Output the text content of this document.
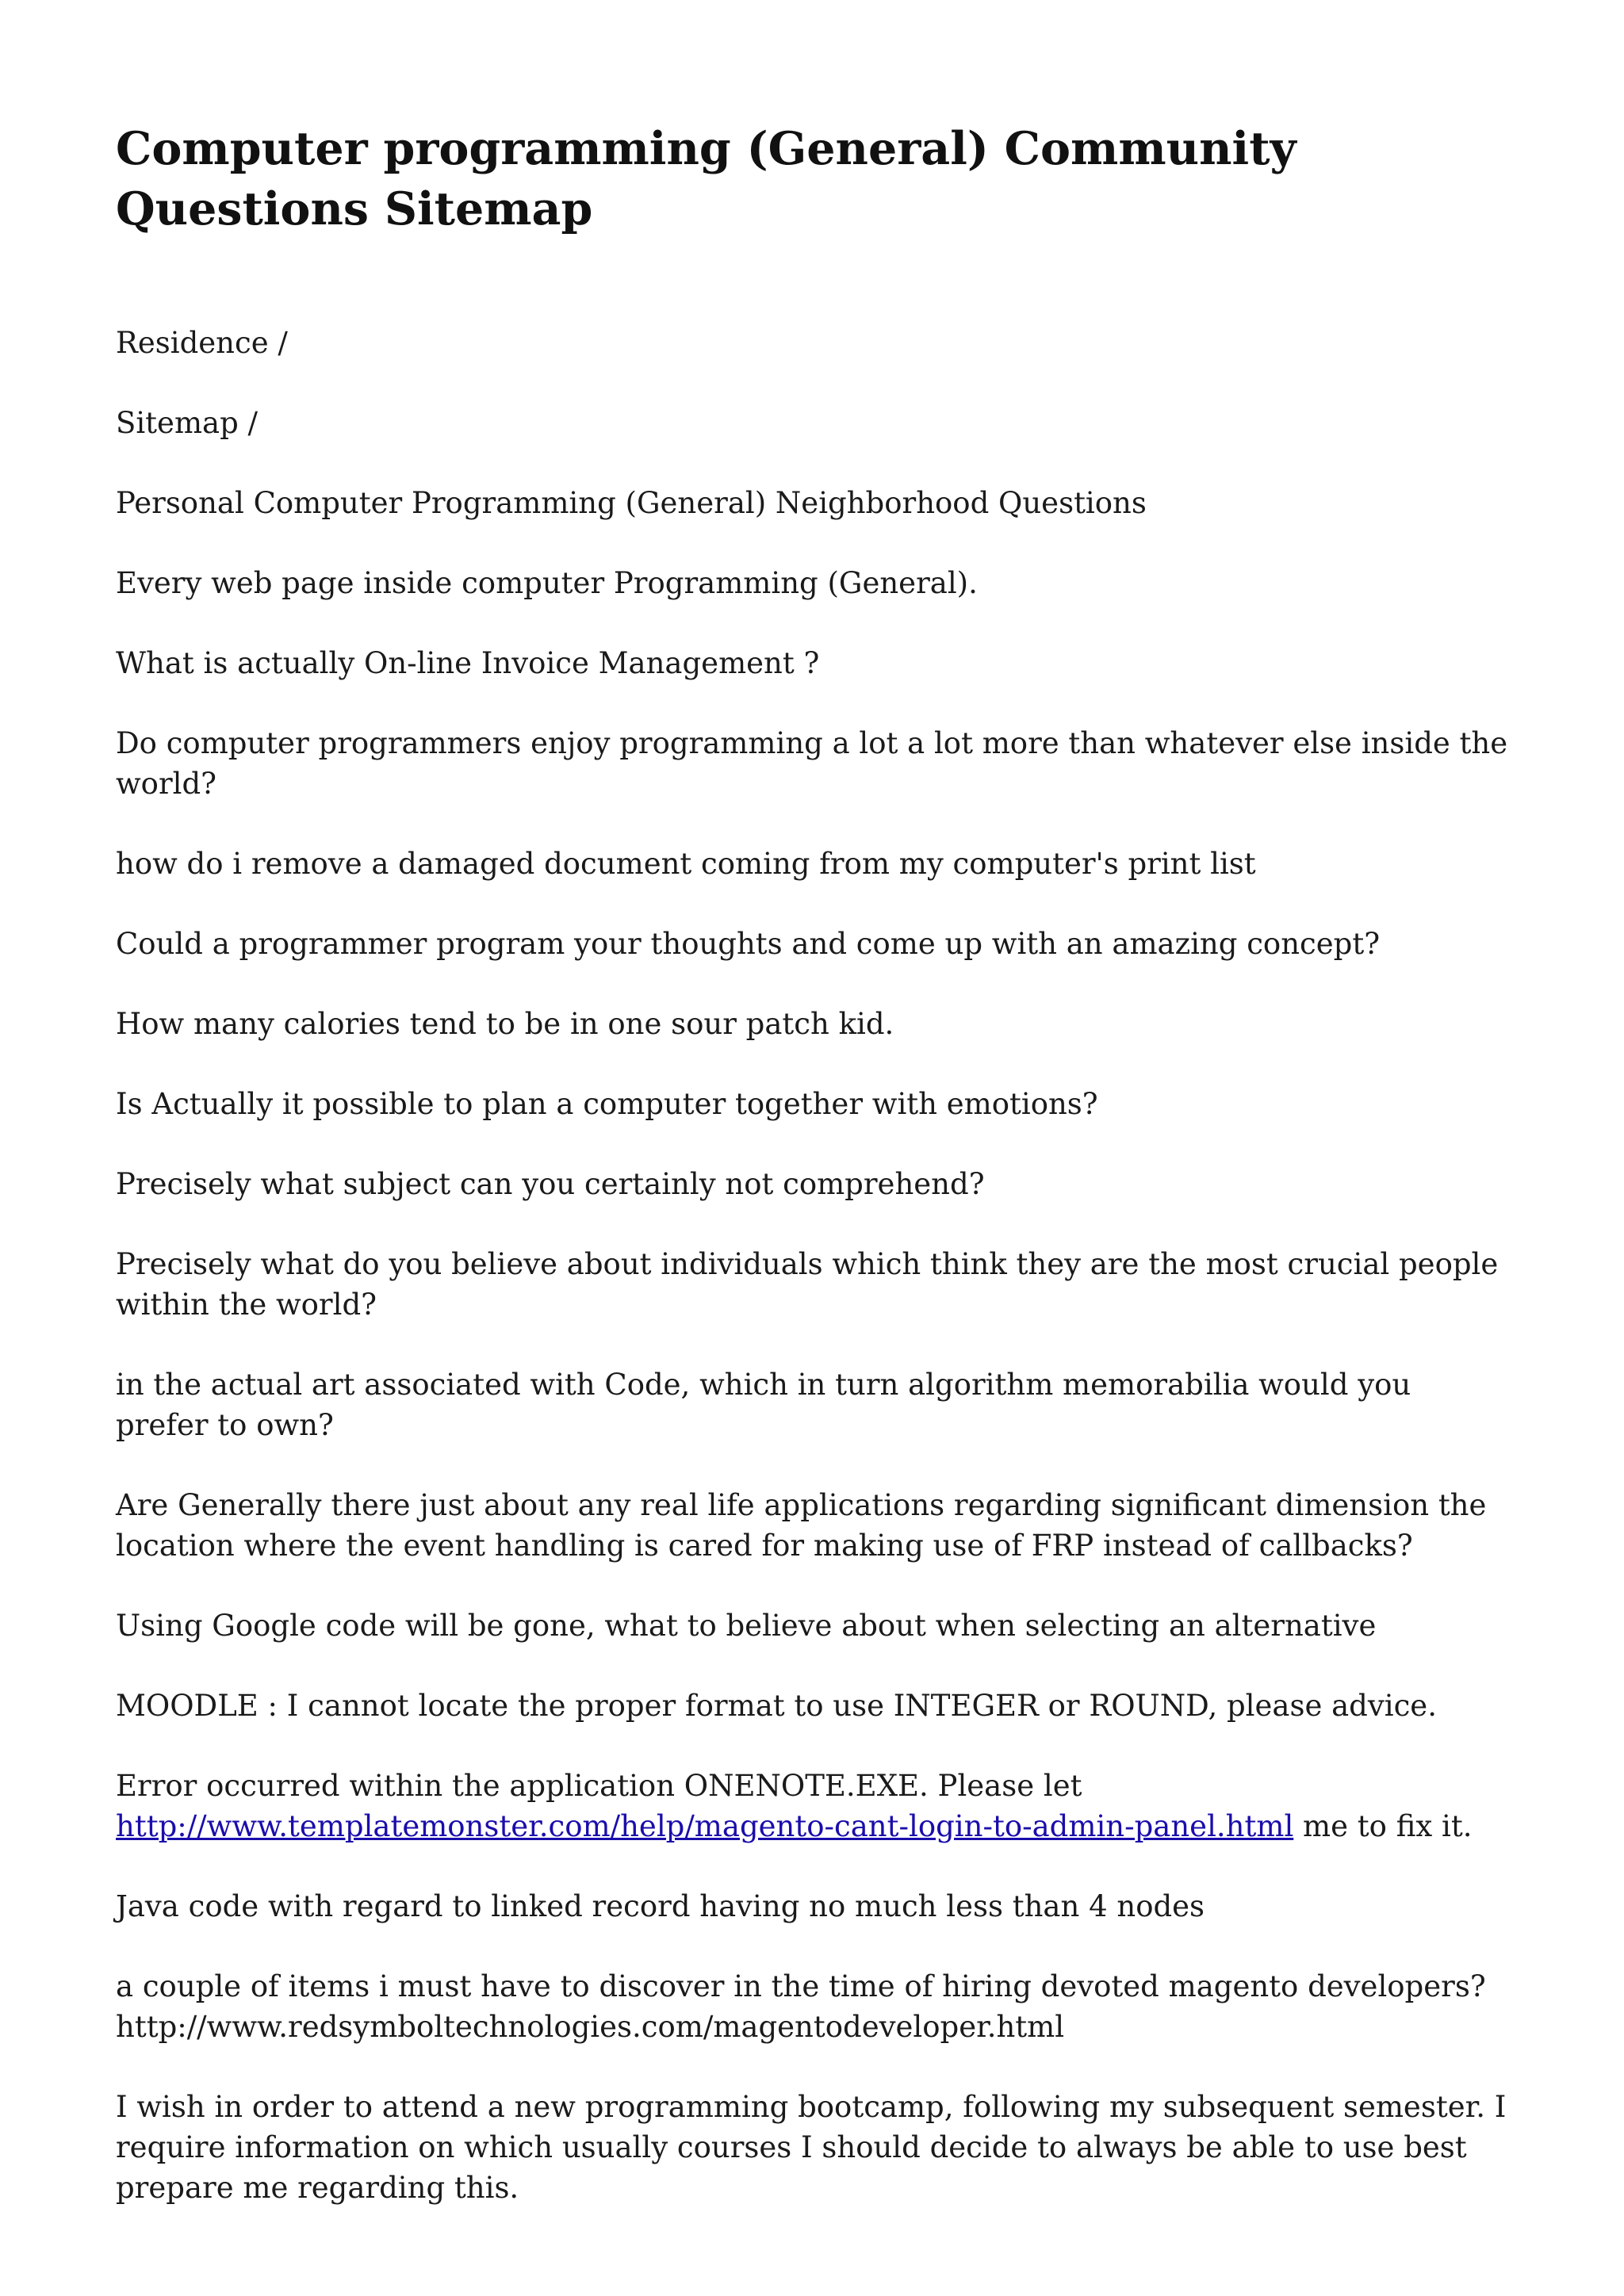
Computer programming (General) Community Questions Sitemap

Residence /

Sitemap /

Personal Computer Programming (General) Neighborhood Questions

Every web page inside computer Programming (General).

What is actually On-line Invoice Management ?

Do computer programmers enjoy programming a lot a lot more than whatever else inside the world?

how do i remove a damaged document coming from my computer's print list

Could a programmer program your thoughts and come up with an amazing concept?

How many calories tend to be in one sour patch kid.

Is Actually it possible to plan a computer together with emotions?

Precisely what subject can you certainly not comprehend?

Precisely what do you believe about individuals which think they are the most crucial people within the world?

in the actual art associated with Code, which in turn algorithm memorabilia would you prefer to own?

Are Generally there just about any real life applications regarding significant dimension the location where the event handling is cared for making use of FRP instead of callbacks?

Using Google code will be gone, what to believe about when selecting an alternative

MOODLE : I cannot locate the proper format to use INTEGER or ROUND, please advice.

Error occurred within the application ONENOTE.EXE. Please let http://www.templatemonster.com/help/magento-cant-login-to-admin-panel.html me to fix it.

Java code with regard to linked record having no much less than 4 nodes

a couple of items i must have to discover in the time of hiring devoted magento developers? http://www.redsymboltechnologies.com/magentodeveloper.html

I wish in order to attend a new programming bootcamp, following my subsequent semester. I require information on which usually courses I should decide to always be able to use best prepare me regarding this.
